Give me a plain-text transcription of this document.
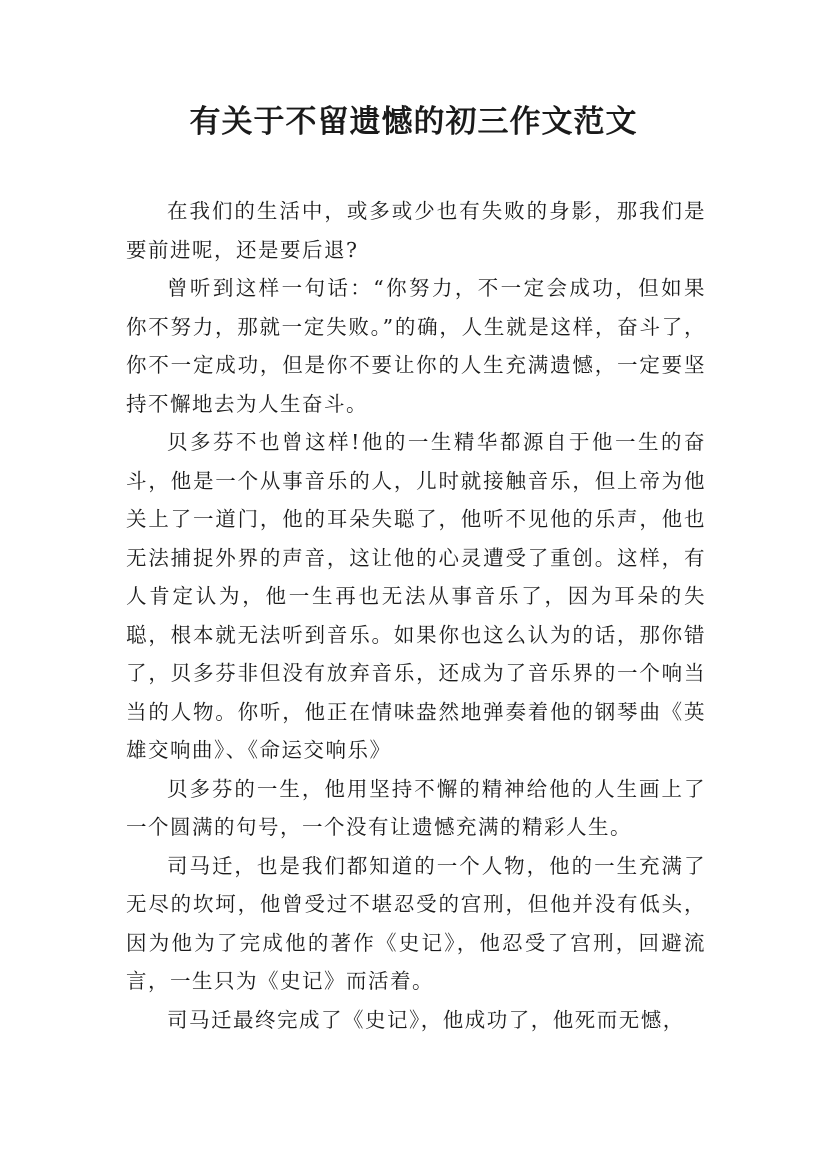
有关于不留遗憾的初三作文范文

在我们的生活中，或多或少也有失败的身影，那我们是要前进呢，还是要后退?

曾听到这样一句话：“你努力，不一定会成功，但如果你不努力，那就一定失败。”的确，人生就是这样，奋斗了，你不一定成功，但是你不要让你的人生充满遗憾，一定要坚持不懈地去为人生奋斗。

贝多芬不也曾这样!他的一生精华都源自于他一生的奋斗，他是一个从事音乐的人，儿时就接触音乐，但上帝为他关上了一道门，他的耳朵失聪了，他听不见他的乐声，他也无法捕捉外界的声音，这让他的心灵遭受了重创。这样，有人肯定认为，他一生再也无法从事音乐了，因为耳朵的失聪，根本就无法听到音乐。如果你也这么认为的话，那你错了，贝多芬非但没有放弃音乐，还成为了音乐界的一个响当当的人物。你听，他正在情味盎然地弹奏着他的钢琴曲《英雄交响曲》、《命运交响乐》

贝多芬的一生，他用坚持不懈的精神给他的人生画上了一个圆满的句号，一个没有让遗憾充满的精彩人生。

司马迁，也是我们都知道的一个人物，他的一生充满了无尽的坎坷，他曾受过不堪忍受的宫刑，但他并没有低头，因为他为了完成他的著作《史记》，他忍受了宫刑，回避流言，一生只为《史记》而活着。

司马迁最终完成了《史记》，他成功了，他死而无憾，
